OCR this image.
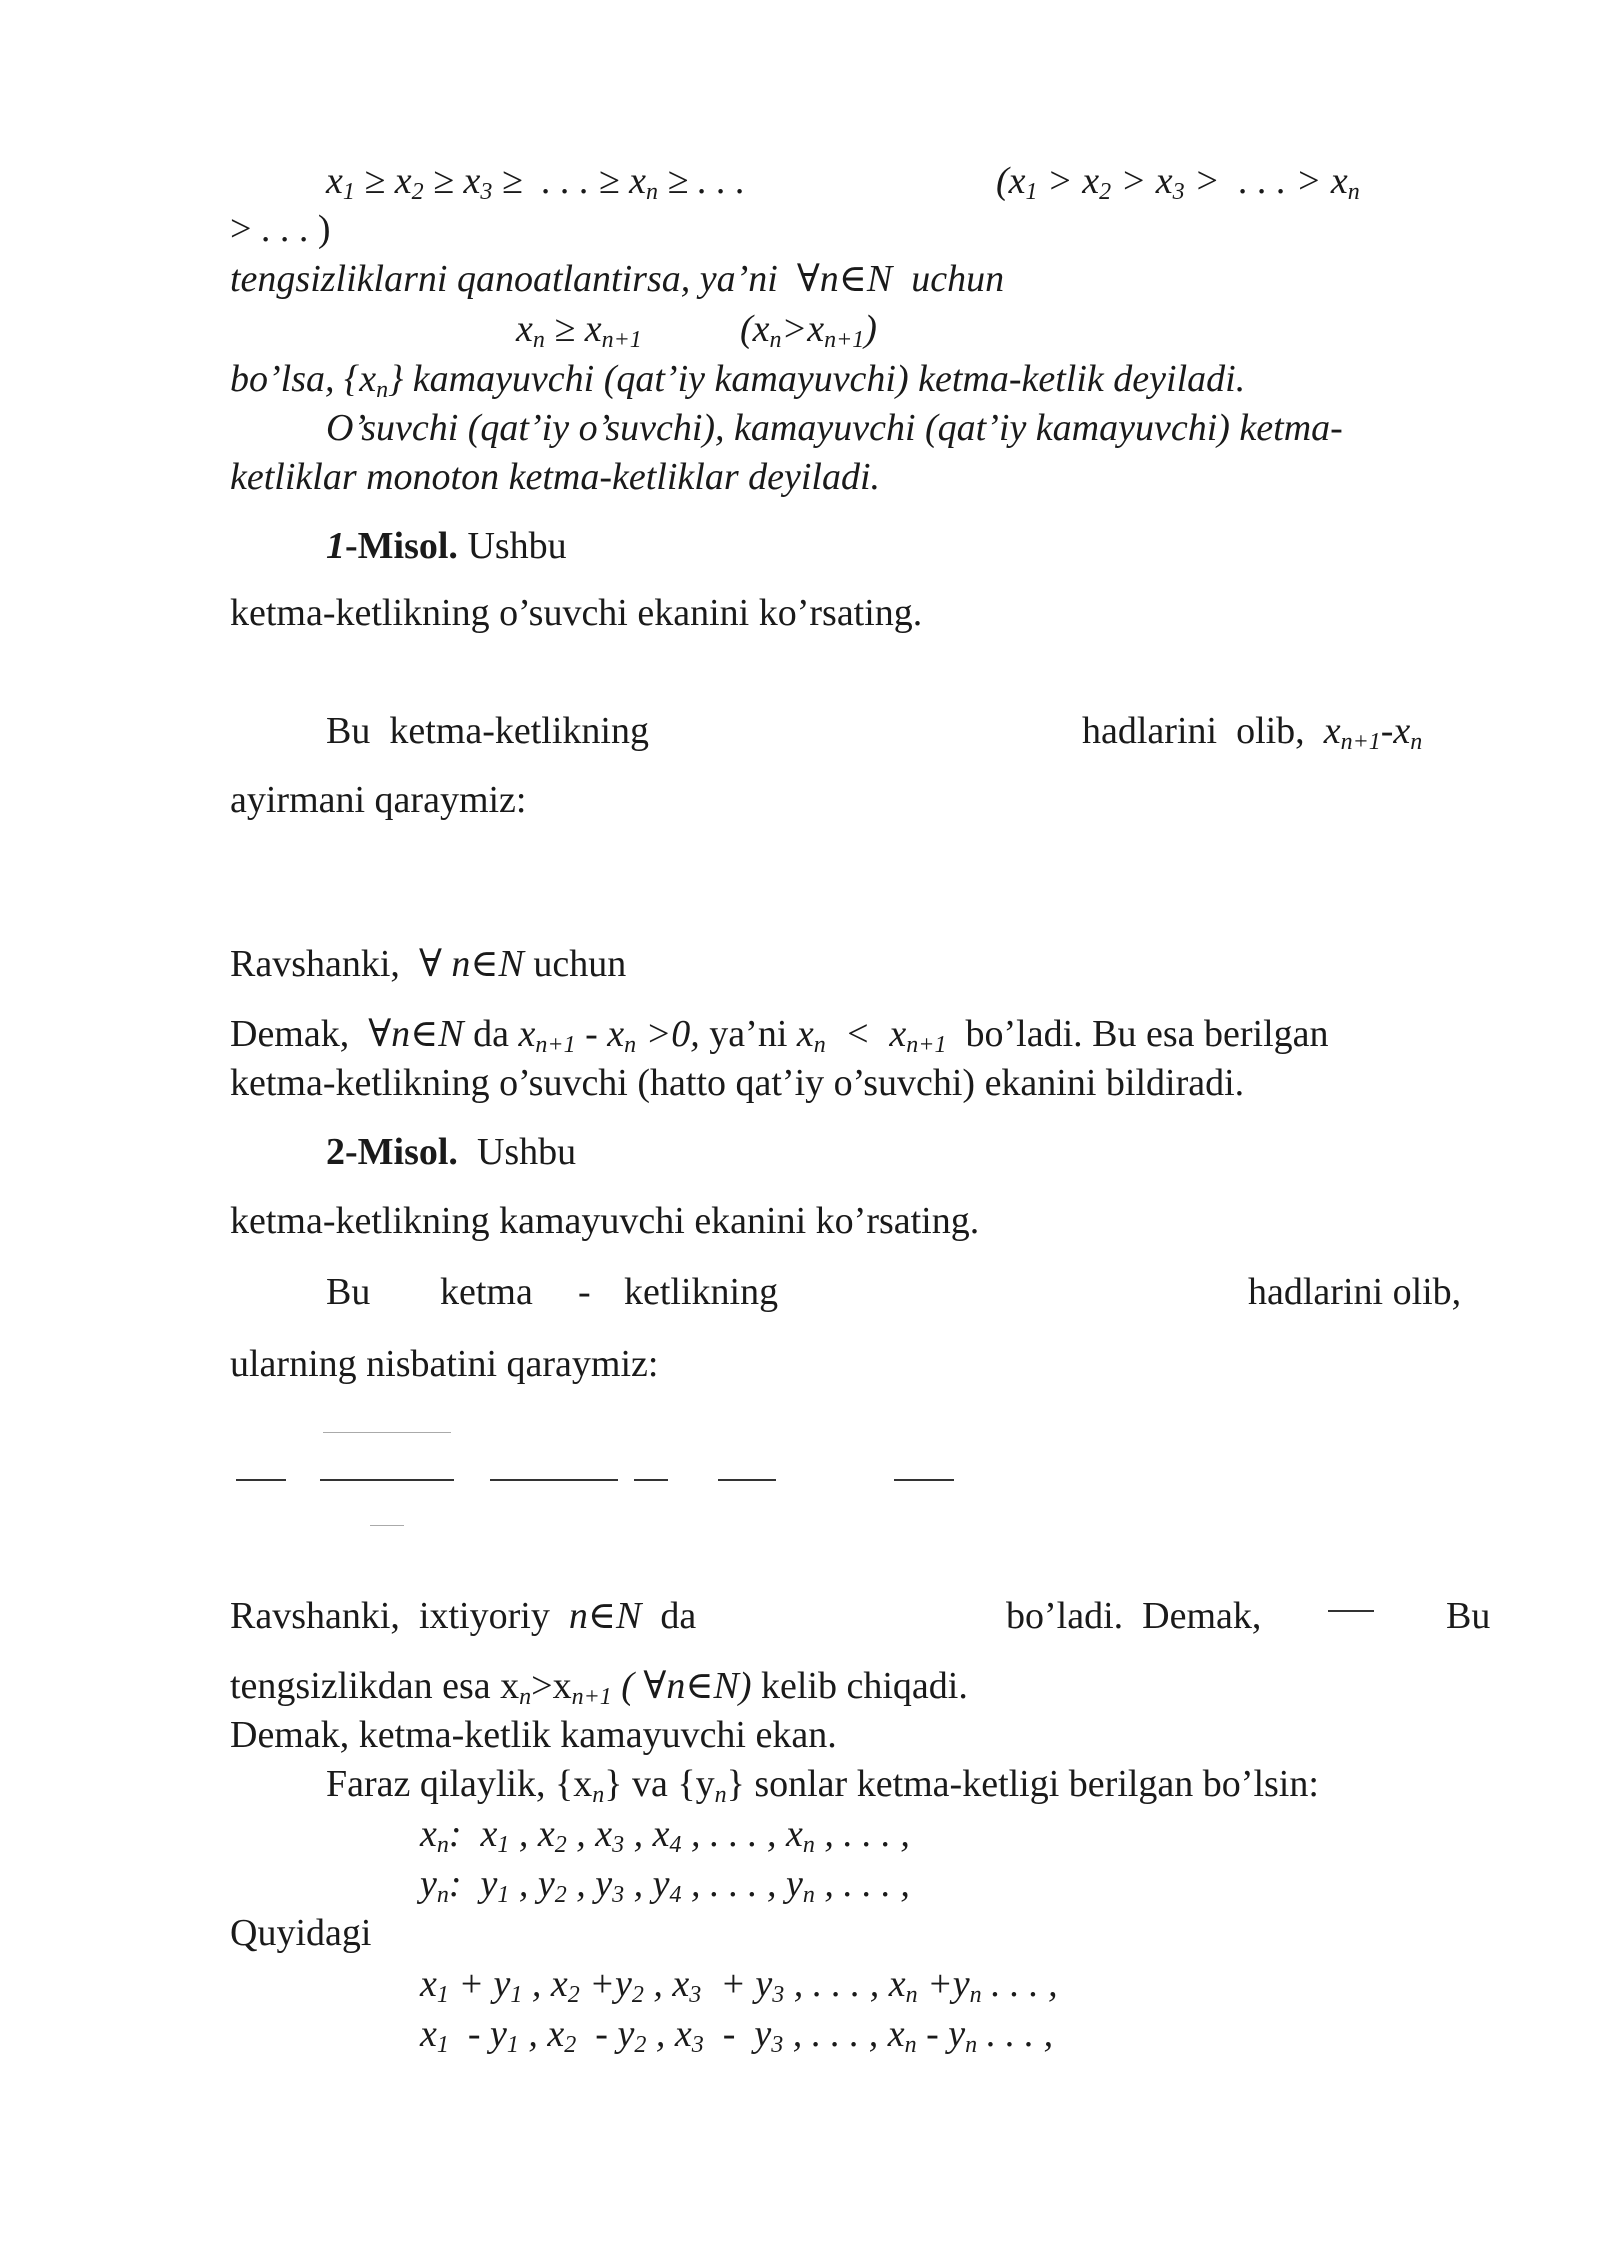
$x_1 \ge x_2 \ge x_3$ ≥ . . . ≥ $x_n$ ≥ . . .	($x_1 > x_2 > x_3$ > . . . > $x_n$
> . . . )
tengsizliklarni qanoatlantirsa, ya’ni  ∀n∈N uchun
$x_n \ge x_{n+1}$	$(x_n>x_{n+1})$
bo’lsa, $\{x_n\}$ kamayuvchi (qat’iy kamayuvchi) ketma-ketlik deyiladi.
O’suvchi (qat’iy o’suvchi), kamayuvchi (qat’iy kamayuvchi) ketma-
ketliklar monoton ketma-ketliklar deyiladi.
1-Misol. Ushbu
ketma-ketlikning o’suvchi ekanini ko’rsating.
Bu ketma-ketlikning	hadlarini olib, $x_{n+1}-x_n$
ayirmani qaraymiz:
Ravshanki, ∀ n∈N uchun
Demak, ∀n∈N da $x_{n+1} - x_n >0$, ya’ni $x_n < x_{n+1}$ bo’ladi. Bu esa berilgan
ketma-ketlikning o’suvchi (hatto qat’iy o’suvchi) ekanini bildiradi.
2-Misol. Ushbu
ketma-ketlikning kamayuvchi ekanini ko’rsating.
Bu ketma - ketlikning	hadlarini olib,
ularning nisbatini qaraymiz:
Ravshanki, ixtiyoriy n∈N da	bo’ladi. Demak,	Bu
tengsizlikdan esa $x_n>x_{n+1}$ ( ∀n∈N) kelib chiqadi.
Demak, ketma-ketlik kamayuvchi ekan.
Faraz qilaylik, $\{x_n\}$ va $\{y_n\}$ sonlar ketma-ketligi berilgan bo’lsin:
$x_n$: $x_1$ , $x_2$ , $x_3$ , $x_4$ , . . . , $x_n$ , . . . ,
$y_n$: $y_1$ , $y_2$ , $y_3$ , $y_4$ , . . . , $y_n$ , . . . ,
Quyidagi
$x_1 + y_1$ , $x_2 +y_2$ , $x_3 + y_3$ , . . . , $x_n +y_n$ . . . ,
$x_1 - y_1$ , $x_2 - y_2$ , $x_3 - y_3$ , . . . , $x_n - y_n$ . . . ,
